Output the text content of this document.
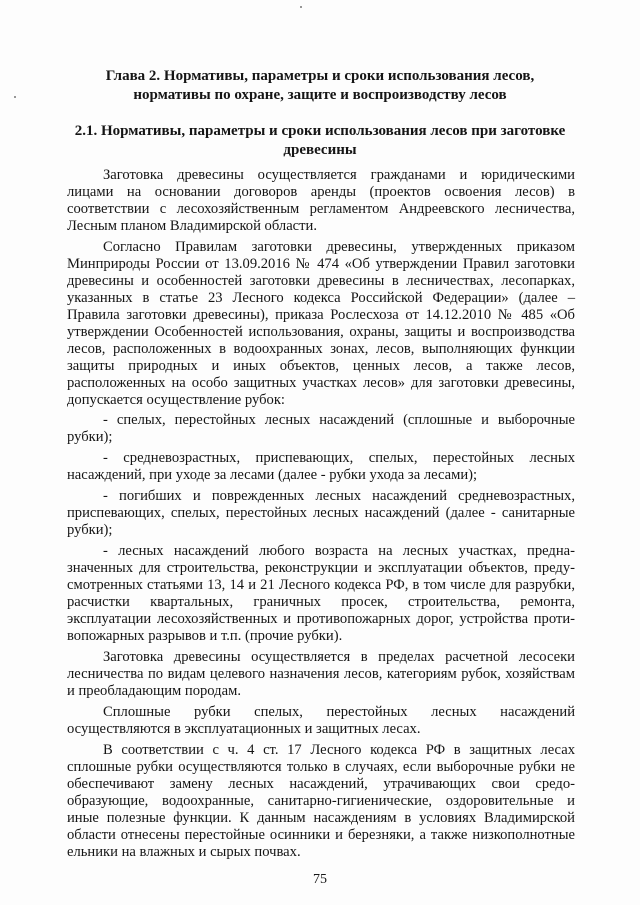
Глава 2. Нормативы, параметры и сроки использования лесов,
нормативы по охране, защите и воспроизводству лесов
2.1. Нормативы, параметры и сроки использования лесов при заготовке
древесины
Заготовка древесины осуществляется гражданами и юридическими
лицами на основании договоров аренды (проектов освоения лесов) в
соответствии с лесохозяйственным регламентом Андреевского лесничества,
Лесным планом Владимирской области.
Согласно Правилам заготовки древесины, утвержденных приказом
Минприроды России от 13.09.2016 № 474 «Об утверждении Правил заготовки
древесины и особенностей заготовки древесины в лесничествах, лесопарках,
указанных в статье 23 Лесного кодекса Российской Федерации» (далее –
Правила заготовки древесины), приказа Рослесхоза от 14.12.2010 № 485 «Об
утверждении Особенностей использования, охраны, защиты и воспроизводства
лесов, расположенных в водоохранных зонах, лесов, выполняющих функции
защиты природных и иных объектов, ценных лесов, а также лесов,
расположенных на особо защитных участках лесов» для заготовки древесины,
допускается осуществление рубок:
- спелых, перестойных лесных насаждений (сплошные и выборочные
рубки);
- средневозрастных, приспевающих, спелых, перестойных лесных
насаждений, при уходе за лесами (далее - рубки ухода за лесами);
- погибших и поврежденных лесных насаждений средневозрастных,
приспевающих, спелых, перестойных лесных насаждений (далее - санитарные
рубки);
- лесных насаждений любого возраста на лесных участках, предна-
значенных для строительства, реконструкции и эксплуатации объектов, преду-
смотренных статьями 13, 14 и 21 Лесного кодекса РФ, в том числе для разрубки,
расчистки квартальных, граничных просек, строительства, ремонта,
эксплуатации лесохозяйственных и противопожарных дорог, устройства проти-
вопожарных разрывов и т.п. (прочие рубки).
Заготовка древесины осуществляется в пределах расчетной лесосеки
лесничества по видам целевого назначения лесов, категориям рубок, хозяйствам
и преобладающим породам.
Сплошные рубки спелых, перестойных лесных насаждений
осуществляются в эксплуатационных и защитных лесах.
В соответствии с ч. 4 ст. 17 Лесного кодекса РФ в защитных лесах
сплошные рубки осуществляются только в случаях, если выборочные рубки не
обеспечивают замену лесных насаждений, утрачивающих свои средо-
образующие, водоохранные, санитарно-гигиенические, оздоровительные и
иные полезные функции. К данным насаждениям в условиях Владимирской
области отнесены перестойные осинники и березняки, а также низкополнотные
ельники на влажных и сырых почвах.
75
